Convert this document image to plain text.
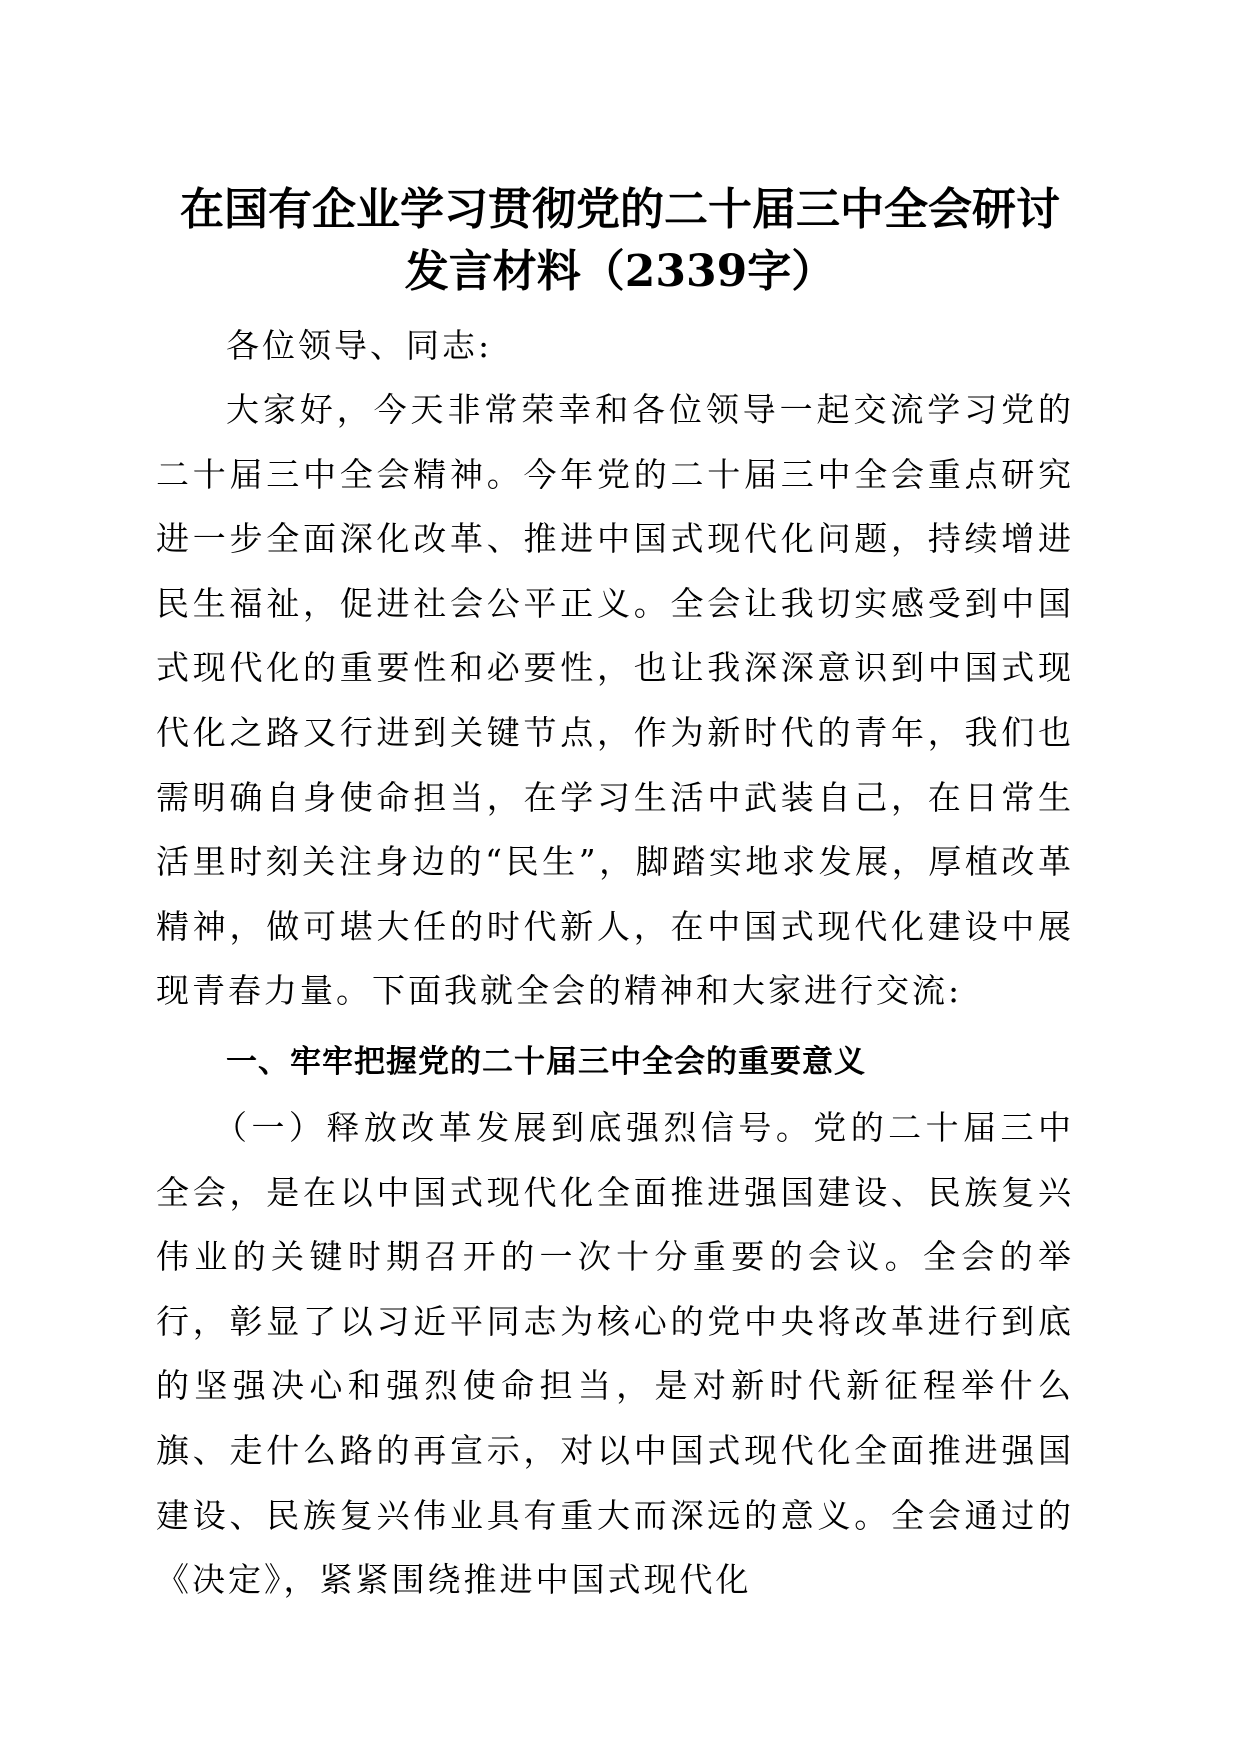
在国有企业学习贯彻党的二十届三中全会研讨
发言材料（2339字）

各位领导、同志:

大家好，今天非常荣幸和各位领导一起交流学习党的二十届三中全会精神。今年党的二十届三中全会重点研究进一步全面深化改革、推进中国式现代化问题，持续增进民生福祉，促进社会公平正义。全会让我切实感受到中国式现代化的重要性和必要性，也让我深深意识到中国式现代化之路又行进到关键节点，作为新时代的青年，我们也需明确自身使命担当，在学习生活中武装自己，在日常生活里时刻关注身边的“民生”，脚踏实地求发展，厚植改革精神，做可堪大任的时代新人，在中国式现代化建设中展现青春力量。下面我就全会的精神和大家进行交流:

一、牢牢把握党的二十届三中全会的重要意义

（一）释放改革发展到底强烈信号。党的二十届三中全会，是在以中国式现代化全面推进强国建设、民族复兴伟业的关键时期召开的一次十分重要的会议。全会的举行，彰显了以习近平同志为核心的党中央将改革进行到底的坚强决心和强烈使命担当，是对新时代新征程举什么旗、走什么路的再宣示，对以中国式现代化全面推进强国建设、民族复兴伟业具有重大而深远的意义。全会通过的《决定》，紧紧围绕推进中国式现代化
